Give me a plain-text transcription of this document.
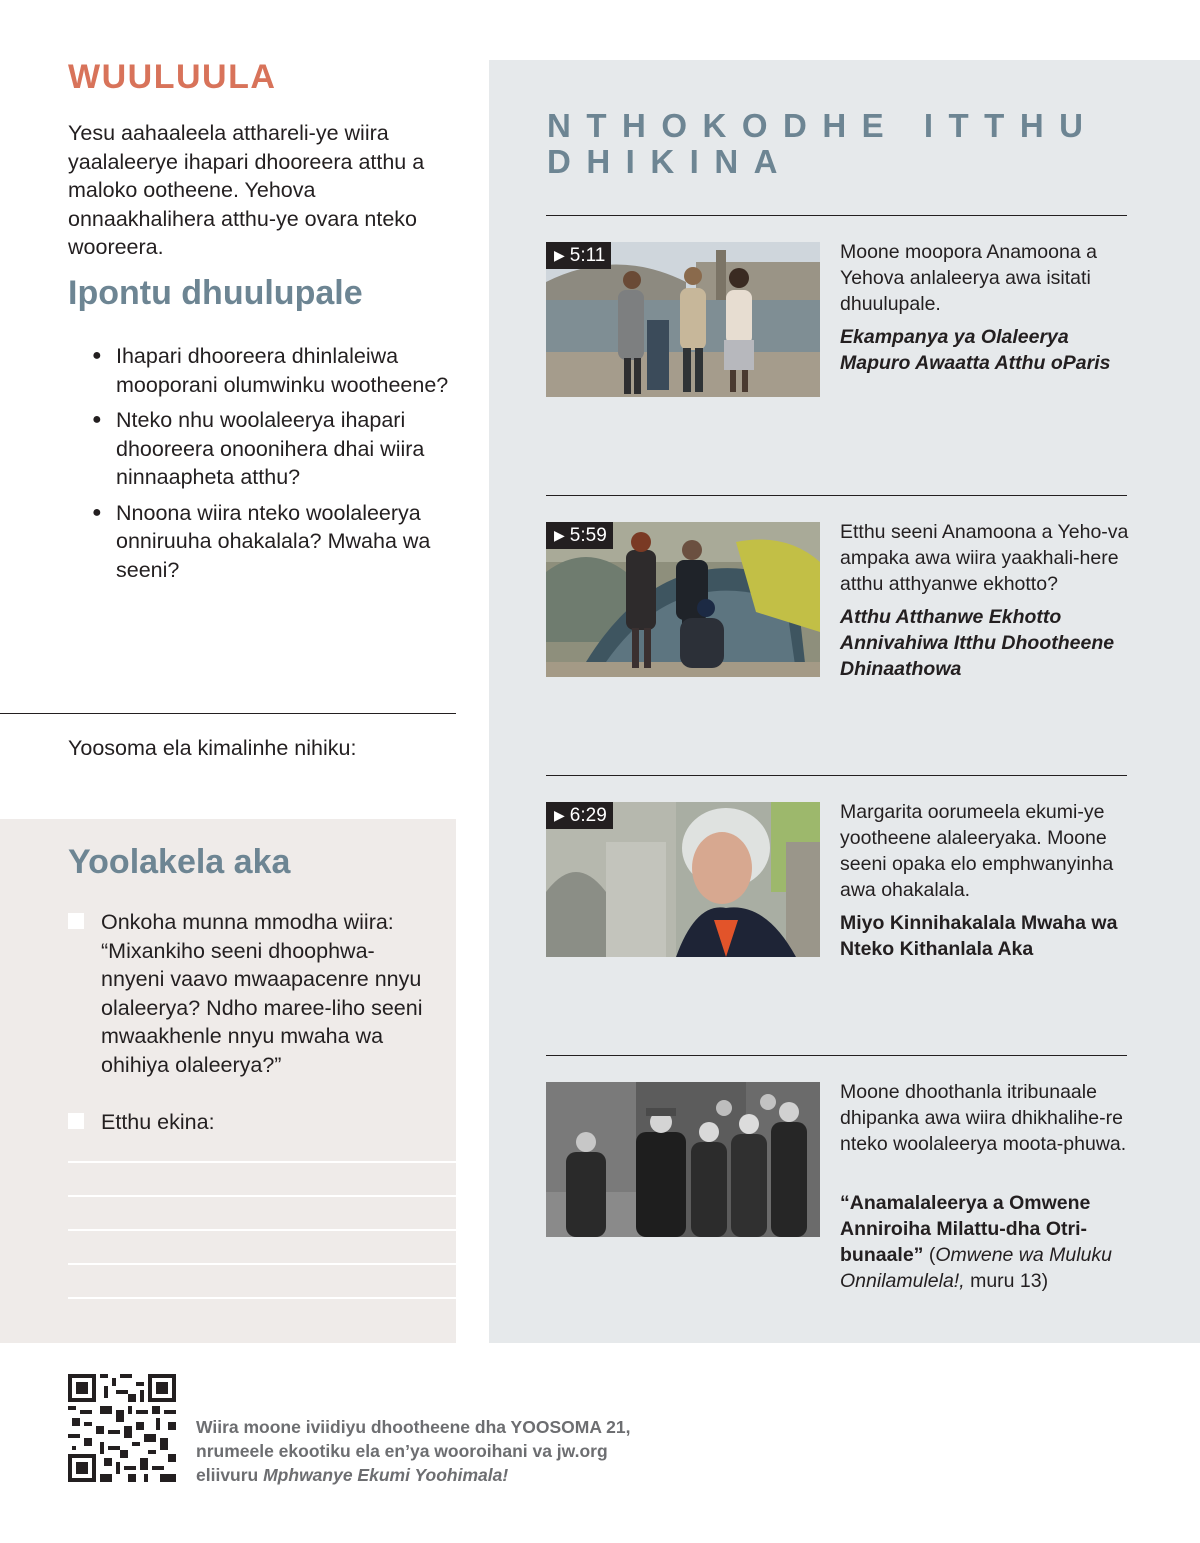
WUULUULA

Yesu aahaaleela atthareli-ye wiira yaalaleerye ihapari dhooreera atthu a maloko ootheene. Yehova onnaakhalihera atthu-ye ovara nteko wooreera.

Ipontu dhuulupale
● Ihapari dhooreera dhinlaleiwa mooporani olumwinku wootheene?
● Nteko nhu woolaleerya ihapari dhooreera onoonihera dhai wiira ninnaapheta atthu?
● Nnoona wiira nteko woolaleerya onniruuha ohakalala? Mwaha wa seeni?

Yoosoma ela kimalinhe nihiku:

Yoolakela aka
Onkoha munna mmodha wiira: “Mixankiho seeni dhoophwa-nnyeni vaavo mwaapacenre nnyu olaleerya? Ndho maree-liho seeni mwaakhenle nnyu mwaha wa ohihiya olaleerya?”
Etthu ekina:
NTHOKODHE ITTHU DHIKINA
▶ 5:11	Moone moopora Anamoona a Yehova anlaleerya awa isitati dhuulupale.

Ekampanya ya Olaleerya Mapuro Awaatta Atthu oParis

▶ 5:59	Etthu seeni Anamoona a Yeho-va ampaka awa wiira yaakhali-here atthu atthyanwe ekhotto?

Atthu Atthanwe Ekhotto Annivahiwa Itthu Dhootheene Dhinaathowa

▶ 6:29	Margarita oorumeela ekumi-ye yootheene alaleeryaka. Moone seeni opaka elo emphwanyinha awa ohakalala.

Miyo Kinnihakalala Mwaha wa Nteko Kithanlala Aka

Moone dhoothanla itribunaale dhipanka awa wiira dhikhalihe-re nteko woolaleerya moota-phuwa.

“Anamalaleerya a Omwene Anniroiha Milattu-dha Otri-bunaale” (Omwene wa Muluku Onnilamulela!, muru 13)

Wiira moone iviidiyu dhootheene dha YOOSOMA 21, nrumeele ekootiku ela en’ya wooroihani va jw.org eliivuru Mphwanye Ekumi Yoohimala!
